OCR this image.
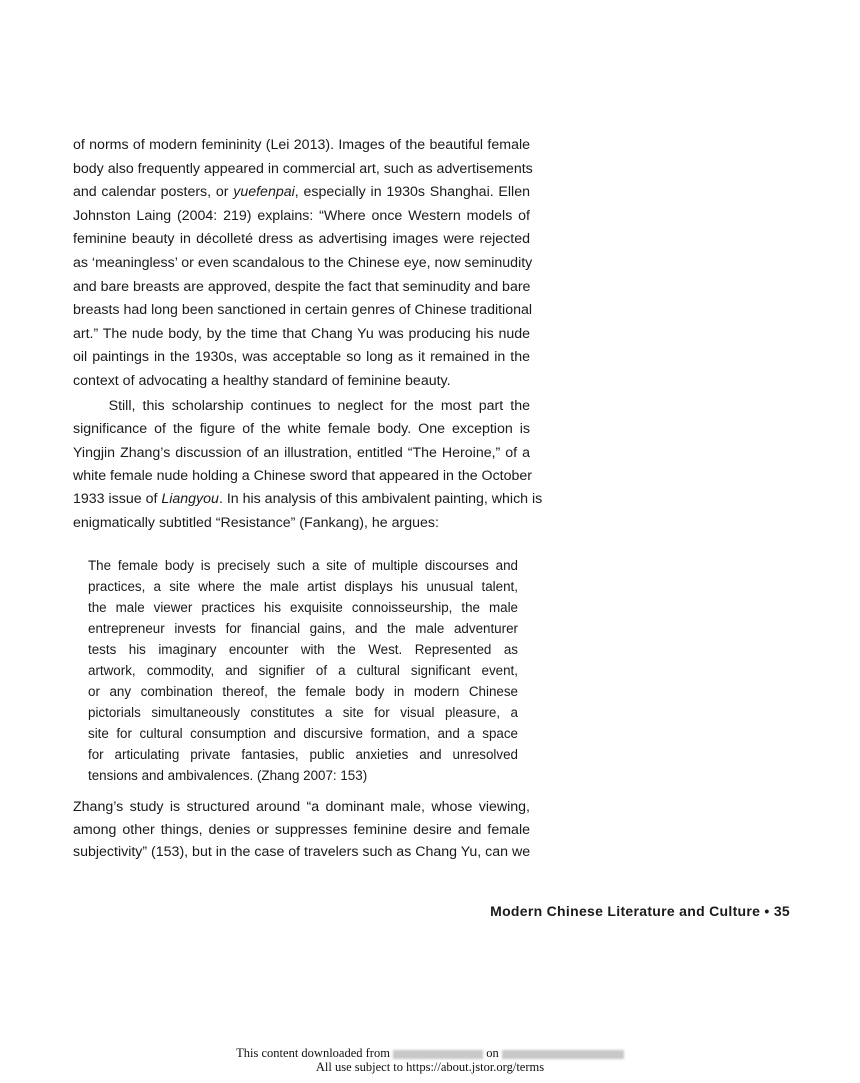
of norms of modern femininity (Lei 2013). Images of the beautiful female
body also frequently appeared in commercial art, such as advertisements
and calendar posters, or yuefenpai, especially in 1930s Shanghai. Ellen
Johnston Laing (2004: 219) explains: “Where once Western models of
feminine beauty in décolleté dress as advertising images were rejected
as ‘meaningless’ or even scandalous to the Chinese eye, now seminudity
and bare breasts are approved, despite the fact that seminudity and bare
breasts had long been sanctioned in certain genres of Chinese traditional
art.” The nude body, by the time that Chang Yu was producing his nude
oil paintings in the 1930s, was acceptable so long as it remained in the
context of advocating a healthy standard of feminine beauty.
Still, this scholarship continues to neglect for the most part the
significance of the figure of the white female body. One exception is
Yingjin Zhang’s discussion of an illustration, entitled “The Heroine,” of a
white female nude holding a Chinese sword that appeared in the October
1933 issue of Liangyou. In his analysis of this ambivalent painting, which is
enigmatically subtitled “Resistance” (Fankang), he argues:
The female body is precisely such a site of multiple discourses and
practices, a site where the male artist displays his unusual talent,
the male viewer practices his exquisite connoisseurship, the male
entrepreneur invests for financial gains, and the male adventurer
tests his imaginary encounter with the West. Represented as
artwork, commodity, and signifier of a cultural significant event,
or any combination thereof, the female body in modern Chinese
pictorials simultaneously constitutes a site for visual pleasure, a
site for cultural consumption and discursive formation, and a space
for articulating private fantasies, public anxieties and unresolved
tensions and ambivalences. (Zhang 2007: 153)
Zhang’s study is structured around “a dominant male, whose viewing,
among other things, denies or suppresses feminine desire and female
subjectivity” (153), but in the case of travelers such as Chang Yu, can we
Modern Chinese Literature and Culture • 35
This content downloaded from	on
All use subject to https://about.jstor.org/terms
